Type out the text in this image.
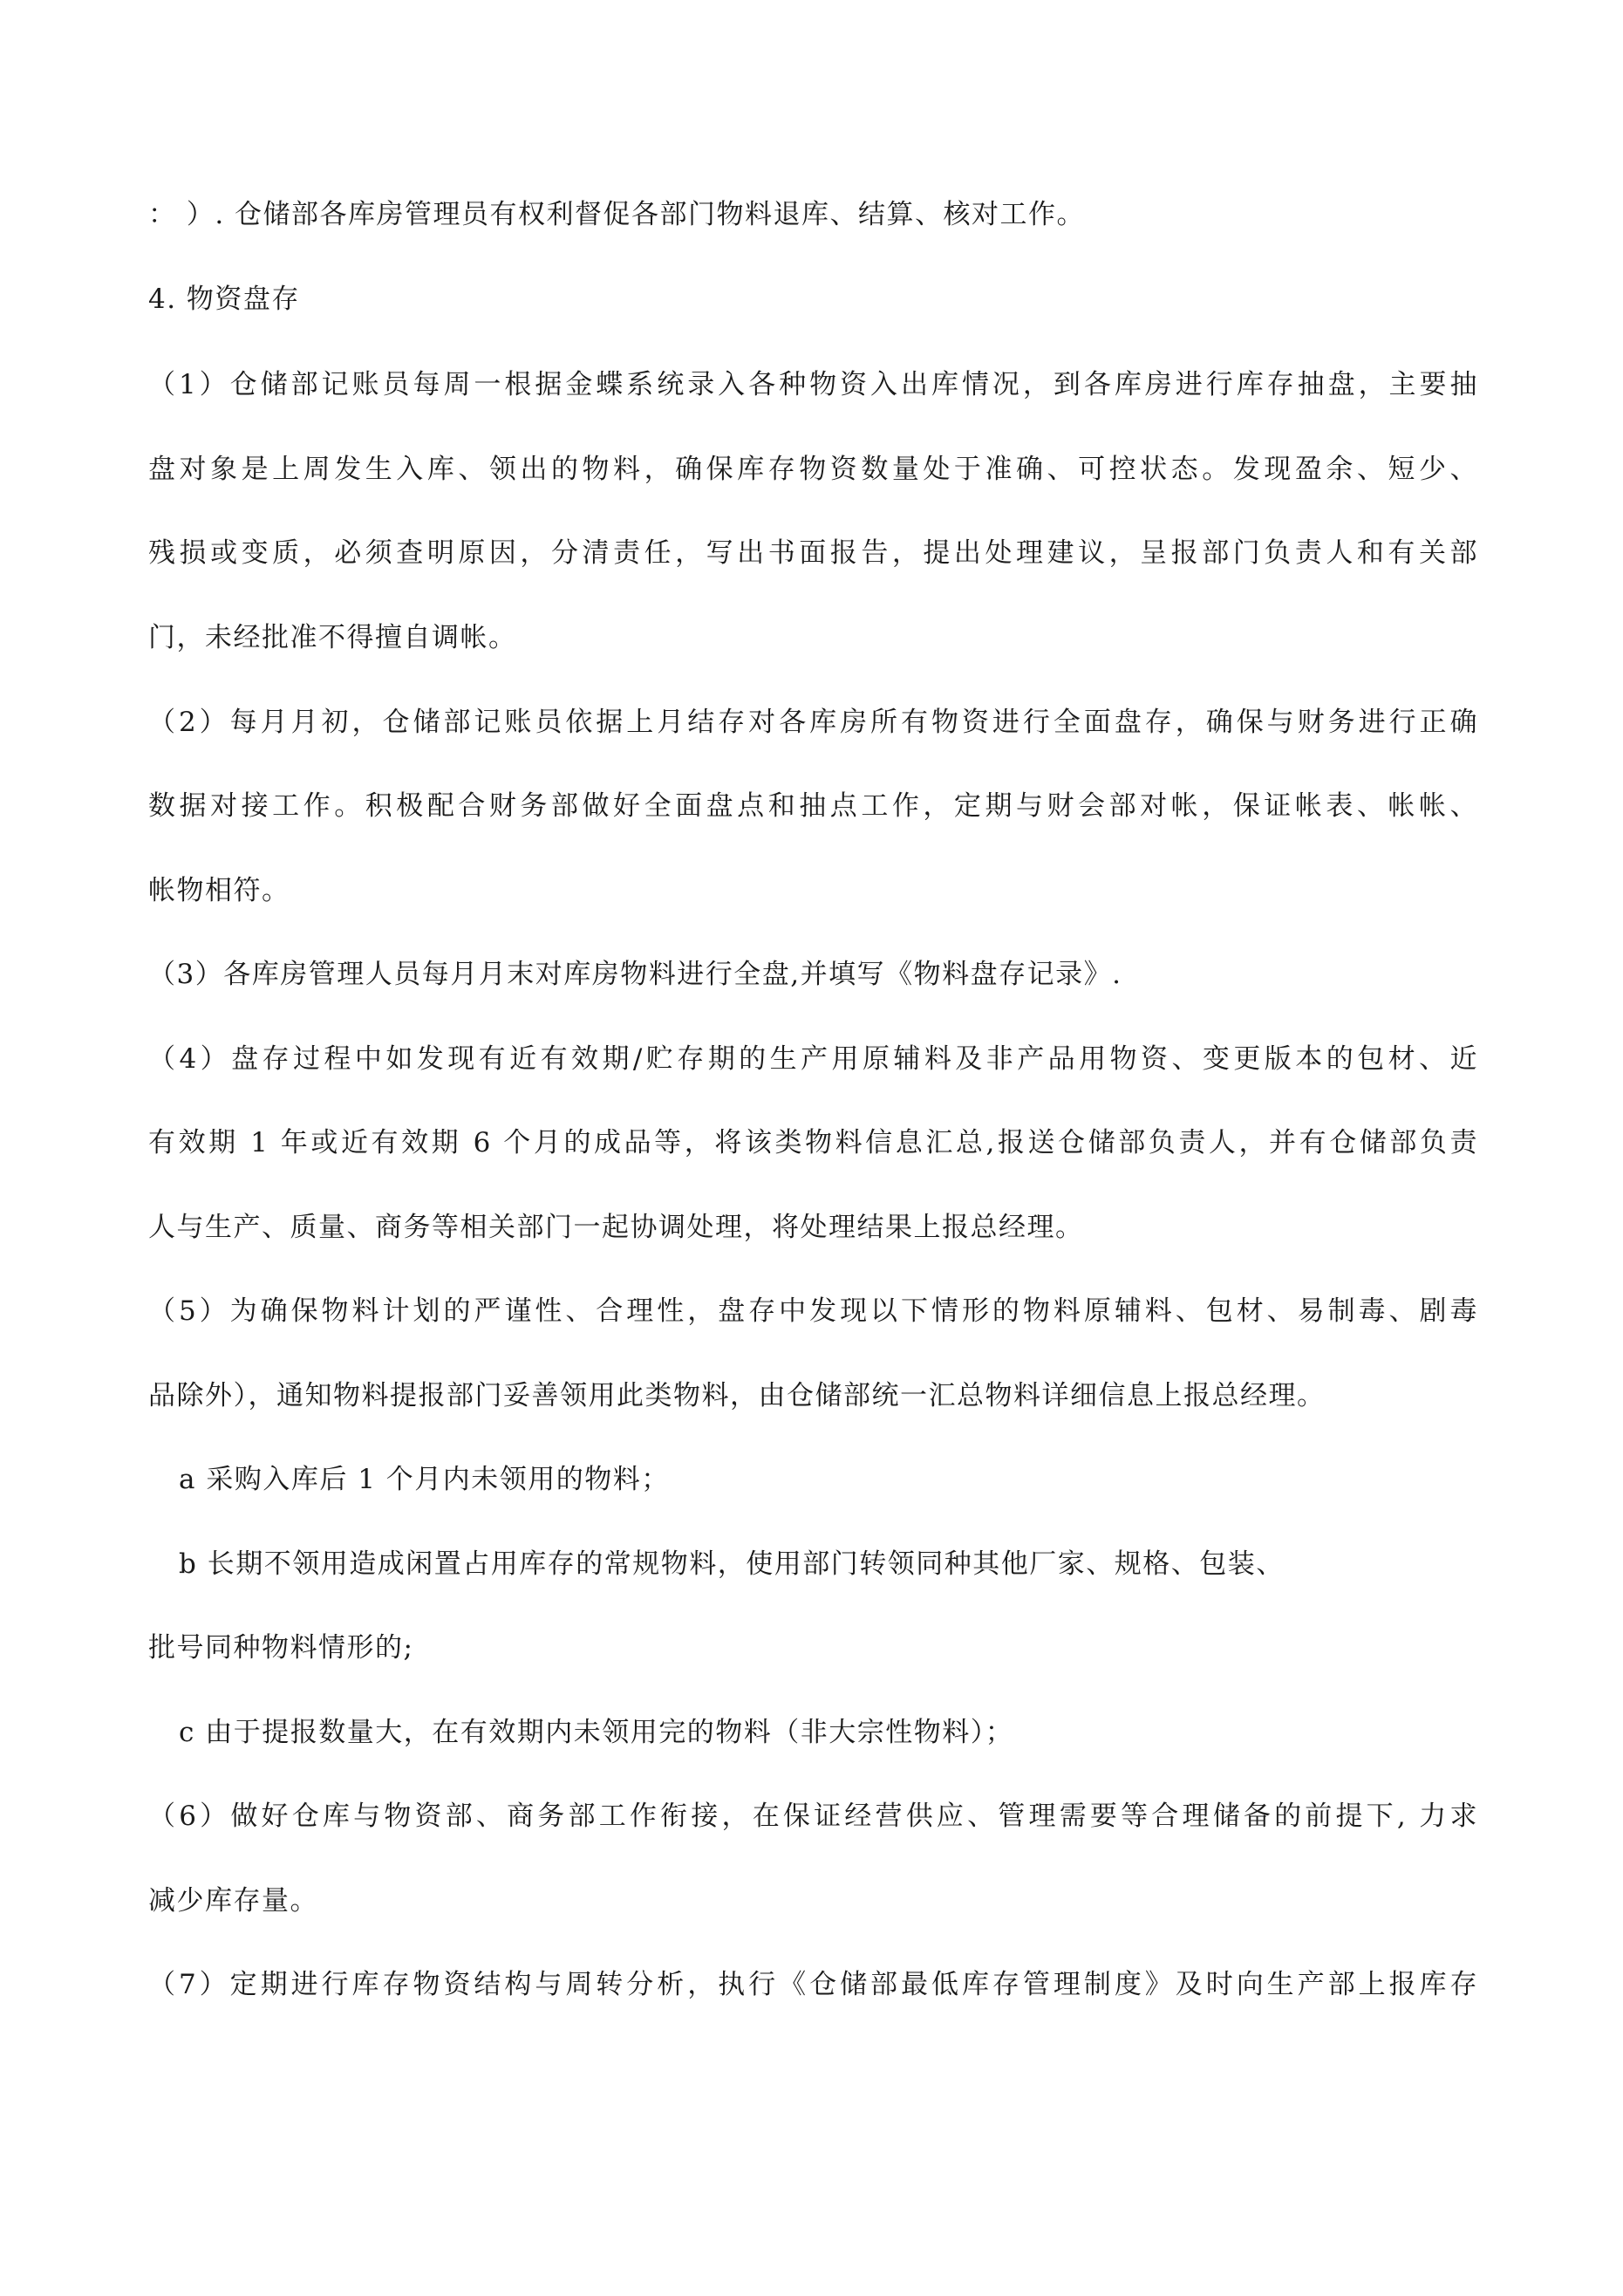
： ）. 仓储部各库房管理员有权利督促各部门物料退库、结算、核对工作。
4. 物资盘存
（1）仓储部记账员每周一根据金蝶系统录入各种物资入出库情况，到各库房进行库存抽盘，主要抽
盘对象是上周发生入库、领出的物料，确保库存物资数量处于准确、可控状态。发现盈余、短少、
残损或变质，必须查明原因，分清责任，写出书面报告，提出处理建议，呈报部门负责人和有关部
门，未经批准不得擅自调帐。
（2）每月月初，仓储部记账员依据上月结存对各库房所有物资进行全面盘存，确保与财务进行正确
数据对接工作。积极配合财务部做好全面盘点和抽点工作，定期与财会部对帐，保证帐表、帐帐、
帐物相符。
（3）各库房管理人员每月月末对库房物料进行全盘,并填写《物料盘存记录》.
（4）盘存过程中如发现有近有效期/贮存期的生产用原辅料及非产品用物资、变更版本的包材、近
有效期 1 年或近有效期 6 个月的成品等，将该类物料信息汇总,报送仓储部负责人，并有仓储部负责
人与生产、质量、商务等相关部门一起协调处理，将处理结果上报总经理。
（5）为确保物料计划的严谨性、合理性，盘存中发现以下情形的物料原辅料、包材、易制毒、剧毒
品除外），通知物料提报部门妥善领用此类物料，由仓储部统一汇总物料详细信息上报总经理。
a 采购入库后 1 个月内未领用的物料；
b 长期不领用造成闲置占用库存的常规物料，使用部门转领同种其他厂家、规格、包装、
批号同种物料情形的;
c 由于提报数量大，在有效期内未领用完的物料（非大宗性物料）；
（6）做好仓库与物资部、商务部工作衔接，在保证经营供应、管理需要等合理储备的前提下, 力求
减少库存量。
（7）定期进行库存物资结构与周转分析，执行《仓储部最低库存管理制度》及时向生产部上报库存
